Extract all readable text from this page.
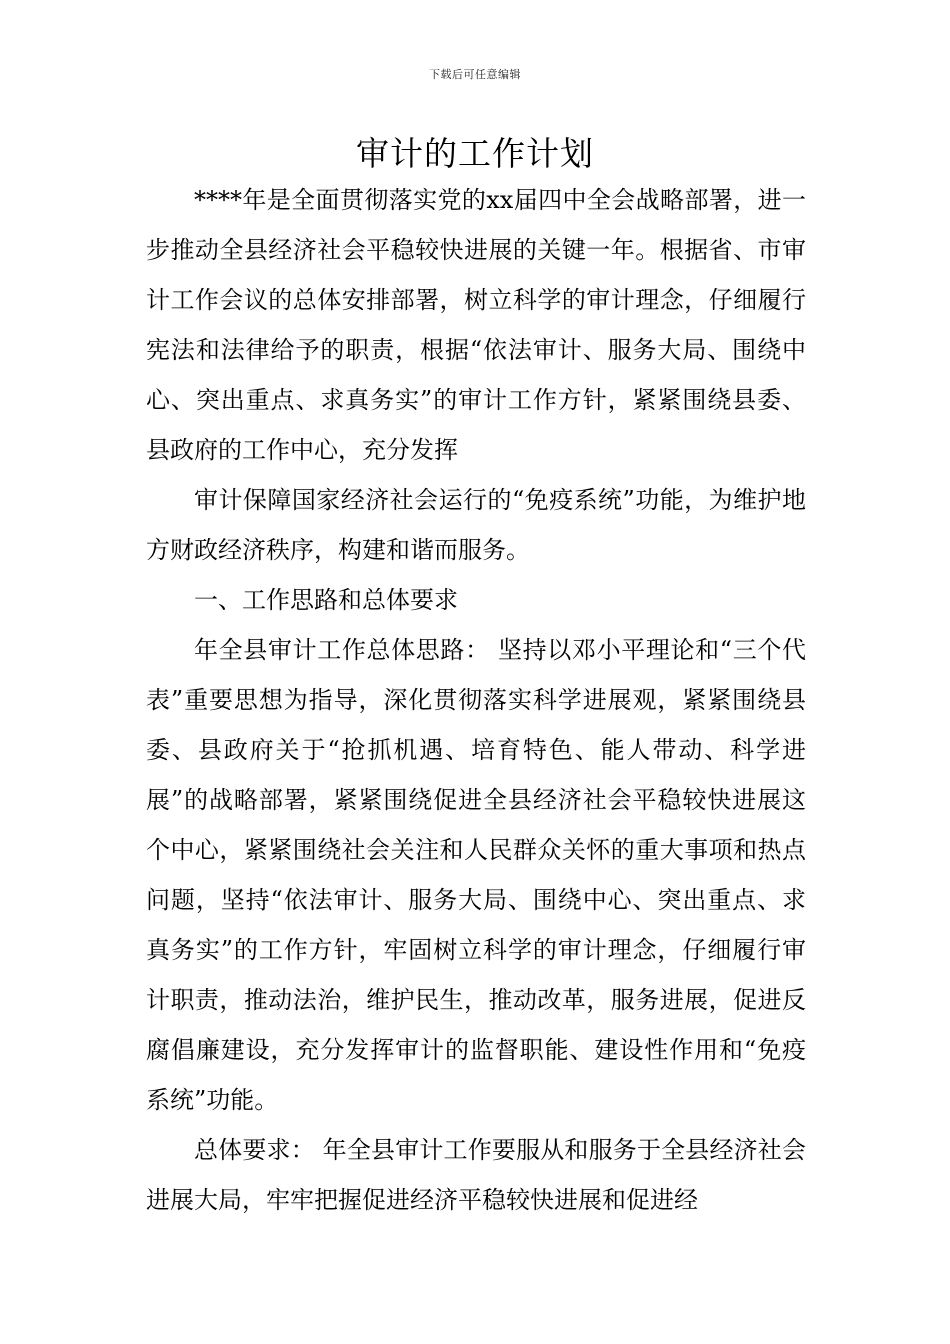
下载后可任意编辑
审计的工作计划

****年是全面贯彻落实党的xx届四中全会战略部署，进一步推动全县经济社会平稳较快进展的关键一年。根据省、市审计工作会议的总体安排部署，树立科学的审计理念，仔细履行宪法和法律给予的职责，根据“依法审计、服务大局、围绕中心、突出重点、求真务实”的审计工作方针，紧紧围绕县委、县政府的工作中心，充分发挥

审计保障国家经济社会运行的“免疫系统”功能，为维护地方财政经济秩序，构建和谐而服务。

一、工作思路和总体要求

年全县审计工作总体思路： 坚持以邓小平理论和“三个代表”重要思想为指导，深化贯彻落实科学进展观，紧紧围绕县委、县政府关于“抢抓机遇、培育特色、能人带动、科学进展”的战略部署，紧紧围绕促进全县经济社会平稳较快进展这个中心，紧紧围绕社会关注和人民群众关怀的重大事项和热点问题，坚持“依法审计、服务大局、围绕中心、突出重点、求真务实”的工作方针，牢固树立科学的审计理念，仔细履行审计职责，推动法治，维护民生，推动改革，服务进展，促进反腐倡廉建设，充分发挥审计的监督职能、建设性作用和“免疫系统”功能。

总体要求： 年全县审计工作要服从和服务于全县经济社会进展大局，牢牢把握促进经济平稳较快进展和促进经
